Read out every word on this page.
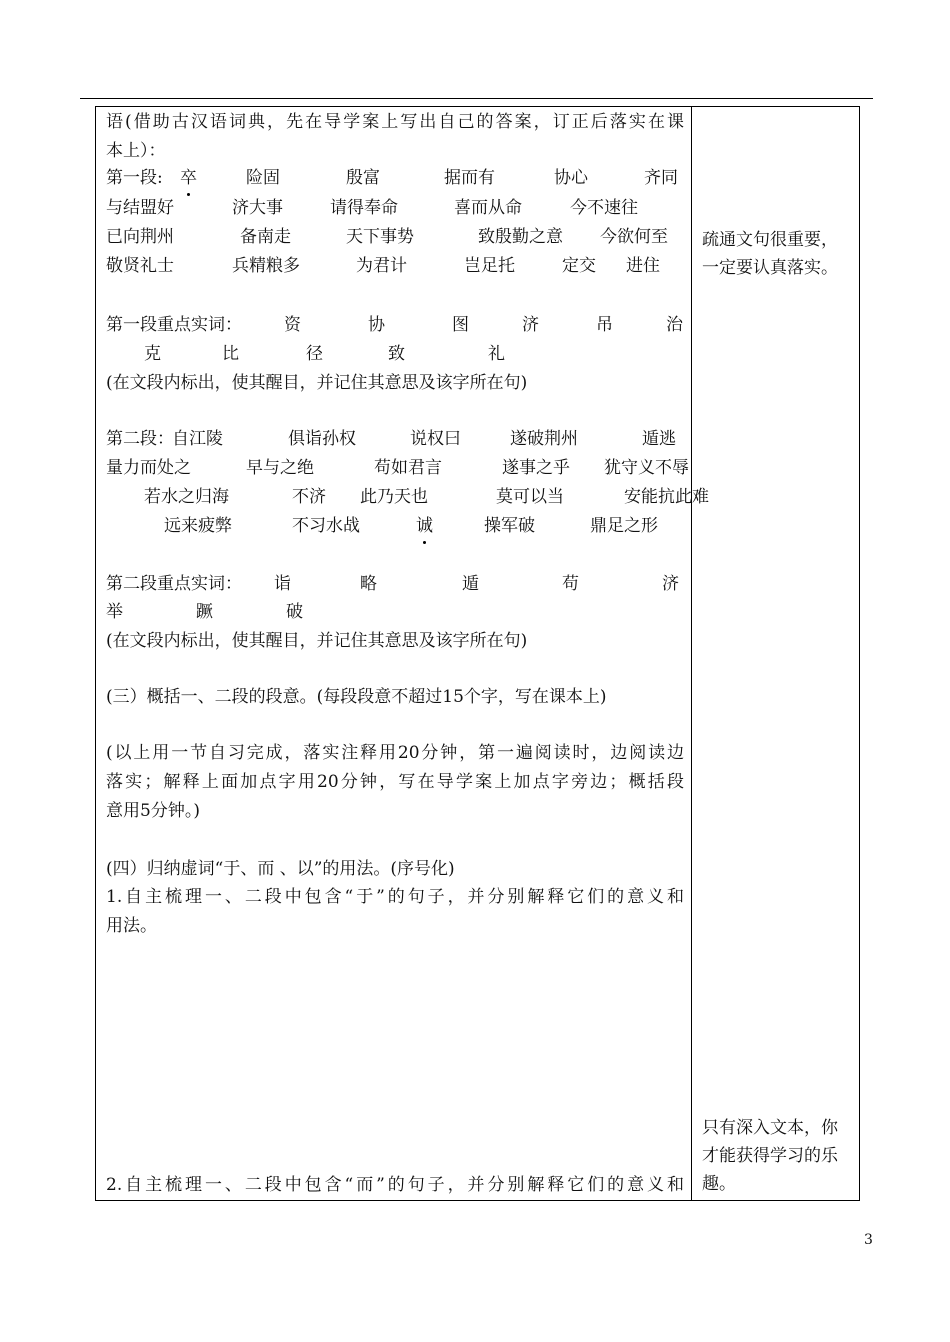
语(借助古汉语词典，先在导学案上写出自己的答案，订正后落实在课
本上）：
第一段: 卒	险固	殷富	据而有	协心	齐同
与结盟好	济大事	请得奉命	喜而从命	今不速往
已向荆州	备南走	天下事势	致殷勤之意 今欲何至
敬贤礼士	兵精粮多	为君计	岂足托	定交 进住
第一段重点实词： 资	协	图	济	吊	治
克	比	径	致	礼
(在文段内标出，使其醒目，并记住其意思及该字所在句)
第二段：
自江陵	俱诣孙权	说权曰	遂破荆州	遁逃
量力而处之	早与之绝	苟如君言	遂事之乎 犹守义不辱
若水之归海	不济 此乃天也	莫可以当	安能抗此难
远来疲弊	不习水战	诚	操军破	鼎足之形
第二段重点实词： 诣	略	遁	苟	济
举	蹶	破
(在文段内标出，使其醒目，并记住其意思及该字所在句)
(三）概括一、二段的段意。(每段段意不超过15个字，写在课本上)
(以上用一节自习完成，落实注释用20分钟，第一遍阅读时，边阅读边
落实；解释上面加点字用20分钟，写在导学案上加点字旁边；概括段
意用5分钟。)
(四）归纳虚词“于、而 、以”的用法。(序号化)
1.自主梳理一、二段中包含“于”的句子，并分别解释它们的意义和
用法。
2.自主梳理一、二段中包含“而”的句子，并分别解释它们的意义和
疏通文句很重要，一定要认真落实。
只有深入文本，你才能获得学习的乐趣。
3
